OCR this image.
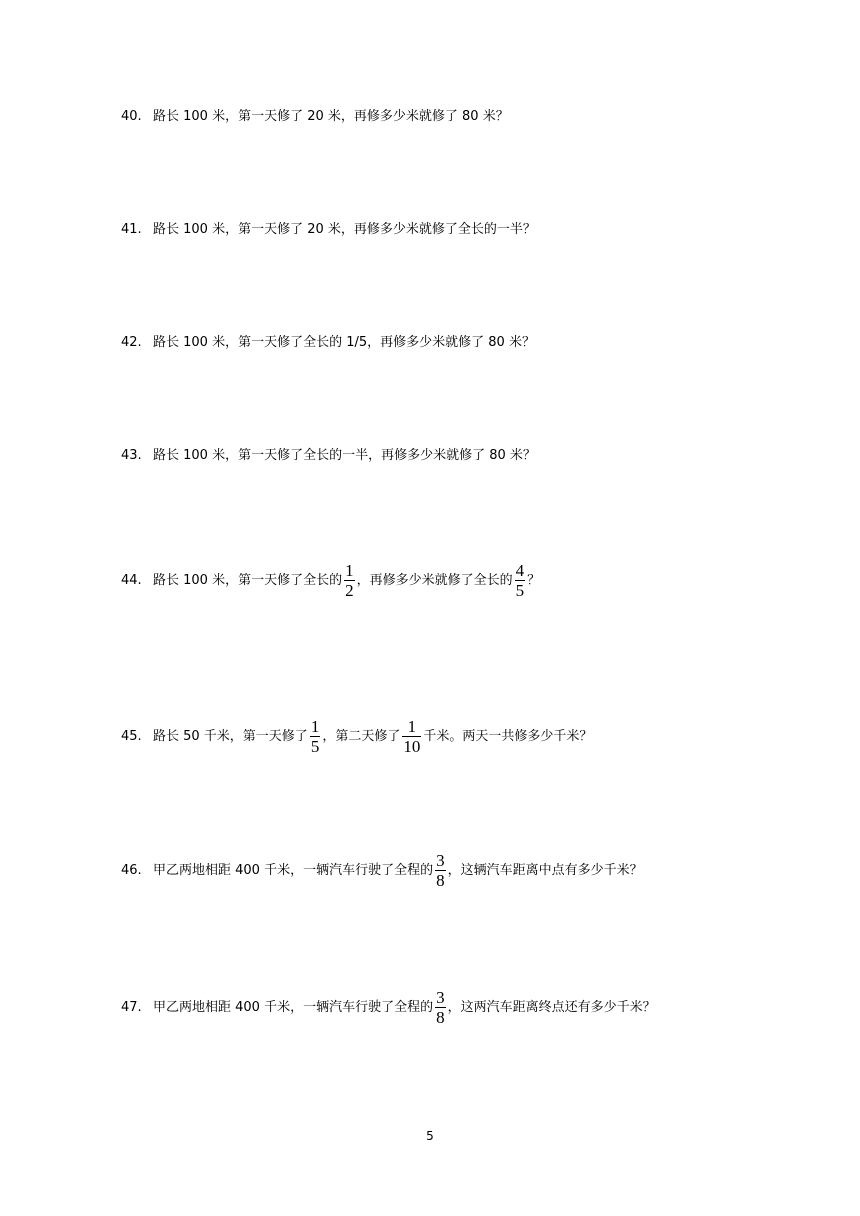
40. 路长 100 米，第一天修了 20 米，再修多少米就修了 80 米？
41. 路长 100 米，第一天修了 20 米，再修多少米就修了全长的一半？
42. 路长 100 米，第一天修了全长的 1/5，再修多少米就修了 80 米？
43. 路长 100 米，第一天修了全长的一半，再修多少米就修了 80 米？
44. 路长 100 米，第一天修了全长的 $\frac{1}{2}$ ，再修多少米就修了全长的 $\frac{4}{5}$ ？
45. 路长 50 千米，第一天修了 $\frac{1}{5}$ ，第二天修了 $\frac{1}{10}$ 千米。两天一共修多少千米？
46. 甲乙两地相距 400 千米，一辆汽车行驶了全程的 $\frac{3}{8}$ ，这辆汽车距离中点有多少千米？
47. 甲乙两地相距 400 千米，一辆汽车行驶了全程的 $\frac{3}{8}$ ，这两汽车距离终点还有多少千米？
5
